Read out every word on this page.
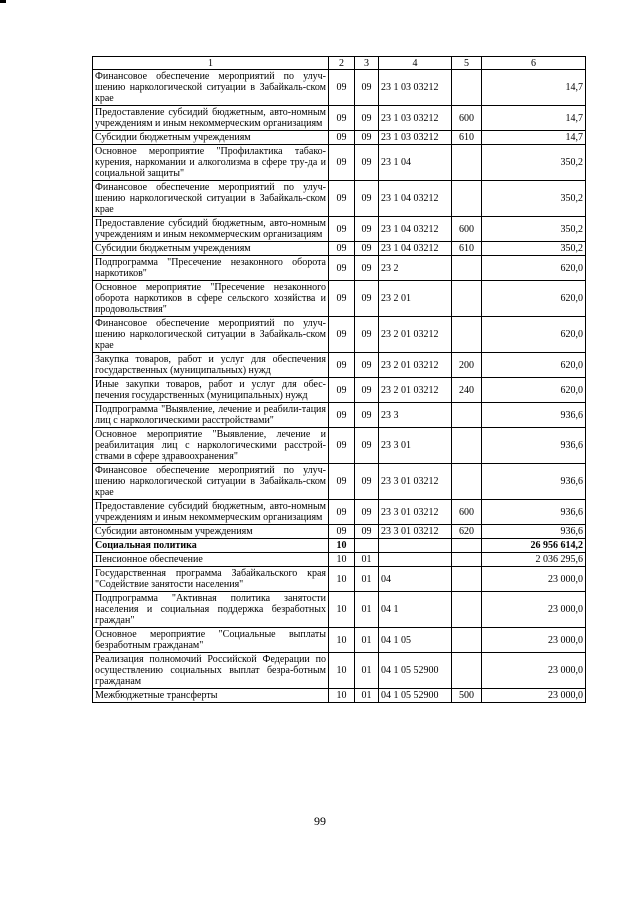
1	2	3	4	5	6
Финансовое обеспечение мероприятий по улуч-шению наркологической ситуации в Забайкаль-ском крае	09	09	23 1 03 03212		14,7
Предоставление субсидий бюджетным, авто-номным учреждениям и иным некоммерческим организациям	09	09	23 1 03 03212	600	14,7
Субсидии бюджетным учреждениям	09	09	23 1 03 03212	610	14,7
Основное мероприятие "Профилактика табако-курения, наркомании и алкоголизма в сфере тру-да и социальной защиты"	09	09	23 1 04		350,2
Финансовое обеспечение мероприятий по улуч-шению наркологической ситуации в Забайкаль-ском крае	09	09	23 1 04 03212		350,2
Предоставление субсидий бюджетным, авто-номным учреждениям и иным некоммерческим организациям	09	09	23 1 04 03212	600	350,2
Субсидии бюджетным учреждениям	09	09	23 1 04 03212	610	350,2
Подпрограмма "Пресечение незаконного оборота наркотиков"	09	09	23 2		620,0
Основное мероприятие "Пресечение незаконного оборота наркотиков в сфере сельского хозяйства и продовольствия"	09	09	23 2 01		620,0
Финансовое обеспечение мероприятий по улуч-шению наркологической ситуации в Забайкаль-ском крае	09	09	23 2 01 03212		620,0
Закупка товаров, работ и услуг для обеспечения государственных (муниципальных) нужд	09	09	23 2 01 03212	200	620,0
Иные закупки товаров, работ и услуг для обес-печения государственных (муниципальных) нужд	09	09	23 2 01 03212	240	620,0
Подпрограмма "Выявление, лечение и реабили-тация лиц с наркологическими расстройствами"	09	09	23 3		936,6
Основное мероприятие "Выявление, лечение и реабилитация лиц с наркологическими расстрой-ствами в сфере здравоохранения"	09	09	23 3 01		936,6
Финансовое обеспечение мероприятий по улуч-шению наркологической ситуации в Забайкаль-ском крае	09	09	23 3 01 03212		936,6
Предоставление субсидий бюджетным, авто-номным учреждениям и иным некоммерческим организациям	09	09	23 3 01 03212	600	936,6
Субсидии автономным учреждениям	09	09	23 3 01 03212	620	936,6
Социальная политика	10				26 956 614,2
Пенсионное обеспечение	10	01			2 036 295,6
Государственная программа Забайкальского края "Содействие занятости населения"	10	01	04		23 000,0
Подпрограмма "Активная политика занятости населения и социальная поддержка безработных граждан"	10	01	04 1		23 000,0
Основное мероприятие "Социальные выплаты безработным гражданам"	10	01	04 1 05		23 000,0
Реализация полномочий Российской Федерации по осуществлению социальных выплат безра-ботным гражданам	10	01	04 1 05 52900		23 000,0
Межбюджетные трансферты	10	01	04 1 05 52900	500	23 000,0
99
